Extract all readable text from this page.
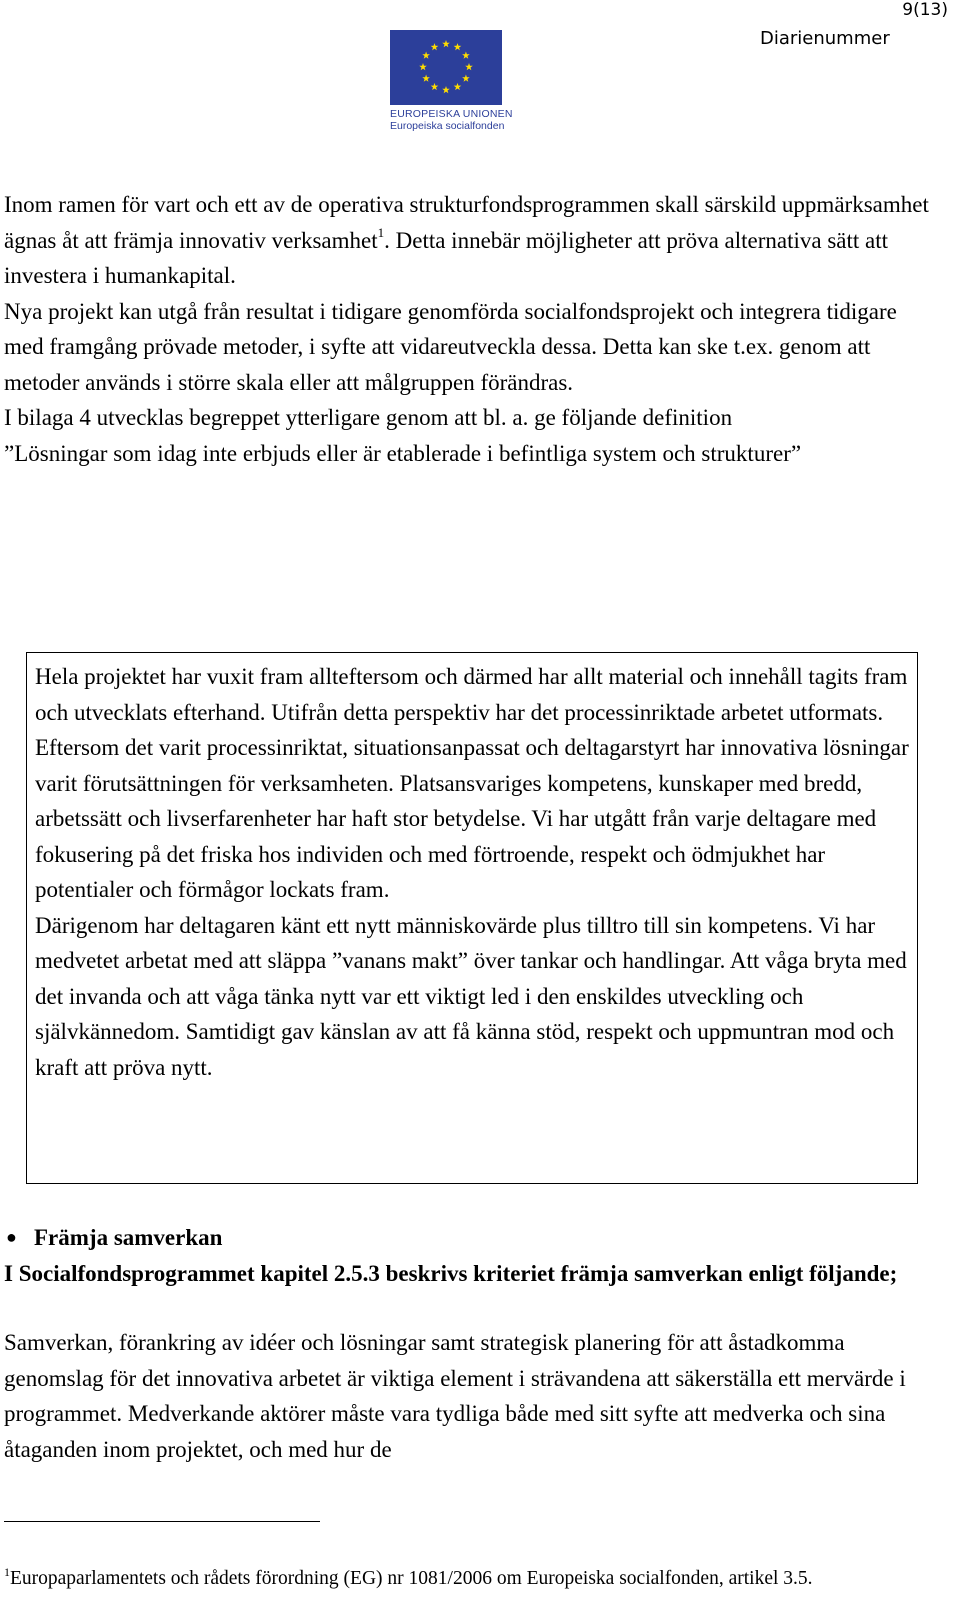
9(13)
Diarienummer
EUROPEISKA UNIONEN
Europeiska socialfonden

Inom ramen för vart och ett av de operativa strukturfondsprogrammen skall särskild uppmärksamhet ägnas åt att främja innovativ verksamhet$^1$. Detta innebär möjligheter att pröva alternativa sätt att investera i humankapital.

Nya projekt kan utgå från resultat i tidigare genomförda socialfondsprojekt och integrera tidigare med framgång prövade metoder, i syfte att vidareutveckla dessa. Detta kan ske t.ex. genom att metoder används i större skala eller att målgruppen förändras.

I bilaga 4 utvecklas begreppet ytterligare genom att bl. a. ge följande definition

”Lösningar som idag inte erbjuds eller är etablerade i befintliga system och strukturer”

Hela projektet har vuxit fram allteftersom och därmed har allt material och innehåll tagits fram och utvecklats efterhand. Utifrån detta perspektiv har det processinriktade arbetet utformats.

Eftersom det varit processinriktat, situationsanpassat och deltagarstyrt har innovativa lösningar varit förutsättningen för verksamheten. Platsansvariges kompetens, kunskaper med bredd, arbetssätt och livserfarenheter har haft stor betydelse. Vi har utgått från varje deltagare med fokusering på det friska hos individen och med förtroende, respekt och ödmjukhet har potentialer och förmågor lockats fram.

Därigenom har deltagaren känt ett nytt människovärde plus tilltro till sin kompetens. Vi har medvetet arbetat med att släppa ”vanans makt” över tankar och handlingar. Att våga bryta med det invanda och att våga tänka nytt var ett viktigt led i den enskildes utveckling och självkännedom. Samtidigt gav känslan av att få känna stöd, respekt och uppmuntran mod och kraft att pröva nytt.

● Främja samverkan
I Socialfondsprogrammet kapitel 2.5.3 beskrivs kriteriet främja samverkan enligt följande;
Samverkan, förankring av idéer och lösningar samt strategisk planering för att åstadkomma genomslag för det innovativa arbetet är viktiga element i strävandena att säkerställa ett mervärde i programmet. Medverkande aktörer måste vara tydliga både med sitt syfte att medverka och sina åtaganden inom projektet, och med hur de
$^1$Europaparlamentets och rådets förordning (EG) nr 1081/2006 om Europeiska socialfonden, artikel 3.5.
